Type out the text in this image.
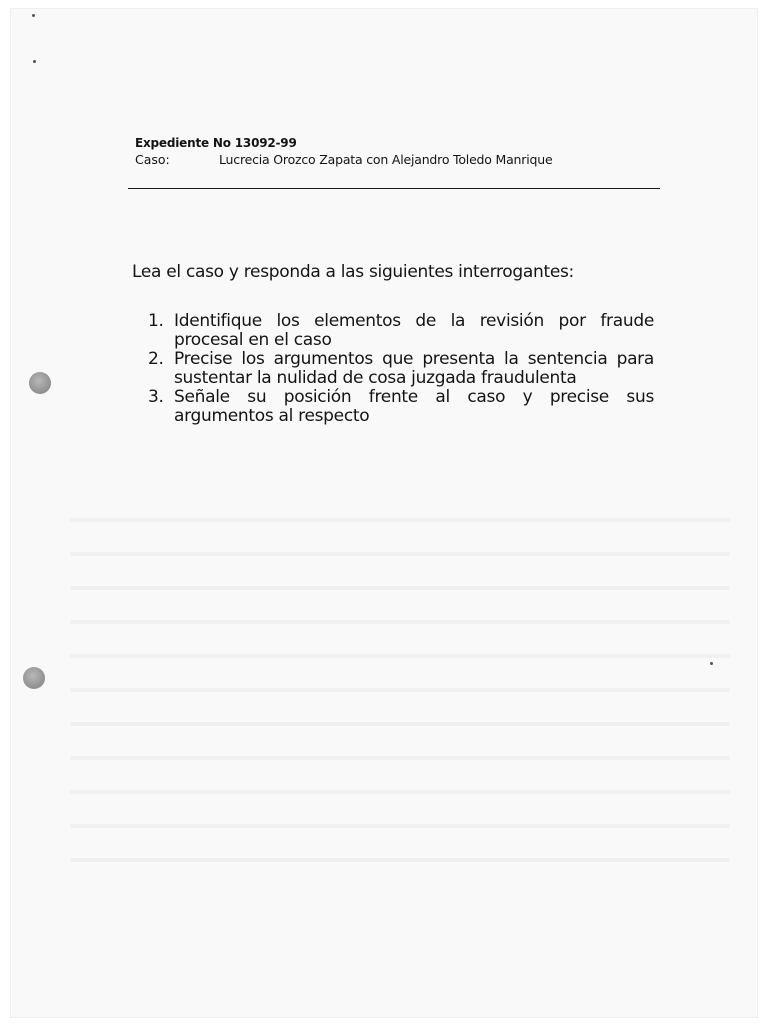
Expediente No 13092-99
Caso:	Lucrecia Orozco Zapata con Alejandro Toledo Manrique
Lea el caso y responda a las siguientes interrogantes:
1. Identifique los elementos de la revisión por fraude procesal en el caso
2. Precise los argumentos que presenta la sentencia para sustentar la nulidad de cosa juzgada fraudulenta
3. Señale su posición frente al caso y precise sus argumentos al respecto
